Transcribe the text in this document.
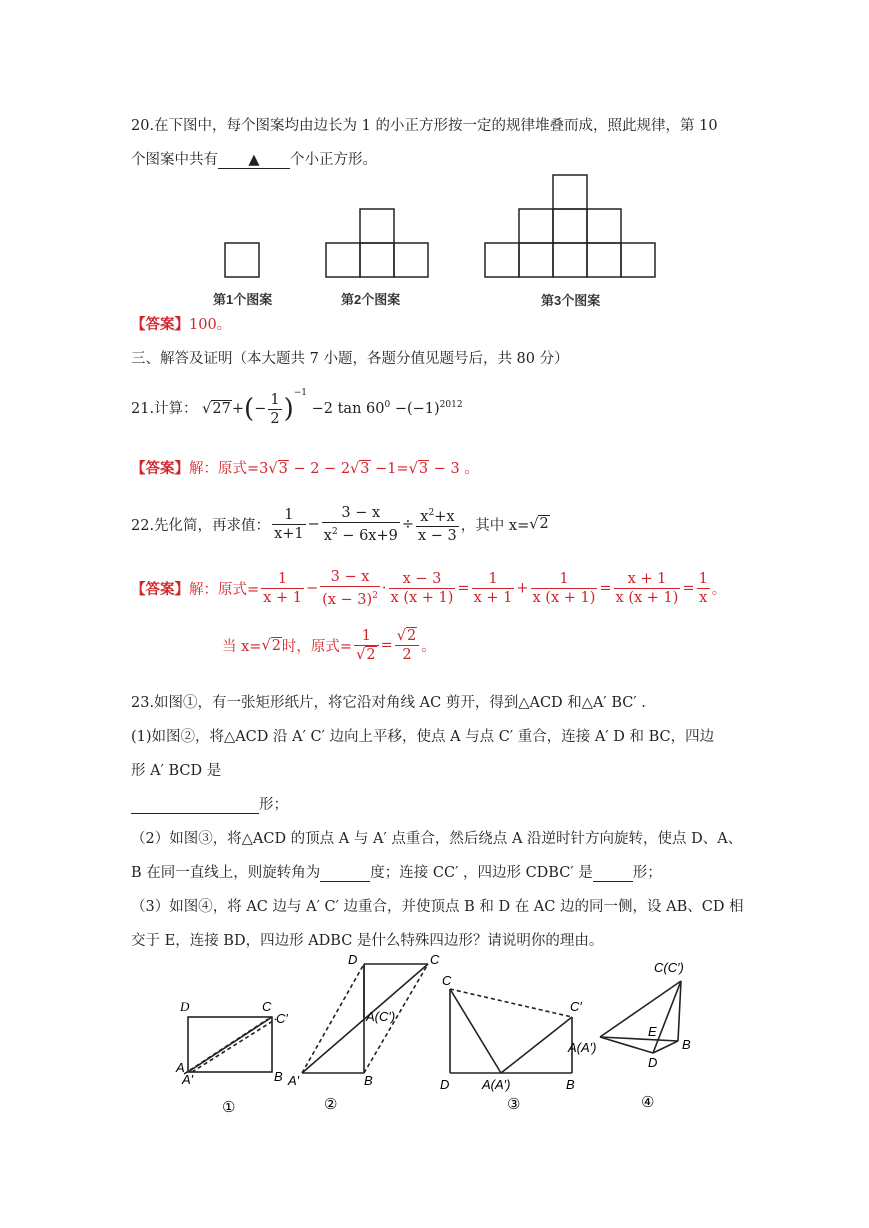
20.在下图中，每个图案均由边长为 1 的小正方形按一定的规律堆叠而成，照此规律，第 10
个图案中共有 ▲ 个小正方形。
第1个图案	第2个图案	第3个图案
【答案】100。
三、解答及证明（本大题共 7 小题，各题分值见题号后，共 80 分）
21.计算： $√27+(- \frac{1}{2} )^{-1} -2$ $\tan 60^0 -(-1)^{2012}$
【答案】解：原式=3√3 − 2 − 2√3 −1=√3 − 3 。
22.先化简，再求值： $\frac{1}{x+1} - \frac{3 - x}{x^2 - 6x+9} \div \frac{x^2+x}{x - 3}$ ，其中 x=√2
【答案】解：原式= $\frac{1}{x + 1} - \frac{3 - x}{(x - 3)^2} \cdot \frac{x - 3}{x (x + 1)} = \frac{1}{x + 1} + \frac{1}{x (x + 1)} = \frac{x + 1}{x (x + 1)} = \frac{1}{x}$ 。
当 x=√2时，原式= $\frac{1}{√2} = \frac{√2}{2}$ 。
23.如图①，有一张矩形纸片，将它沿对角线 AC 剪开，得到△ACD 和△A′ BC′ .
(1)如图②，将△ACD 沿 A′ C′ 边向上平移，使点 A 与点 C′ 重合，连接 A′ D 和 BC，四边
形 A′ BCD 是
形；
（2）如图③，将△ACD 的顶点 A 与 A′ 点重合，然后绕点 A 沿逆时针方向旋转，使点 D、A、
B 在同一直线上，则旋转角为	度；连接 CC′ ，四边形 CDBC′ 是	形；
（3）如图④，将 AC 边与 A′ C′ 边重合，并使顶点 B 和 D 在 AC 边的同一侧，设 AB、CD 相
交于 E，连接 BD，四边形 ADBC 是什么特殊四边形？请说明你的理由。
D	C
C′
A
A′	B
D	C
A(C′)
A′	B
C
C′
D	A(A′)	B
C(C′)
E
A(A′)	B
D
①	②	③	④
